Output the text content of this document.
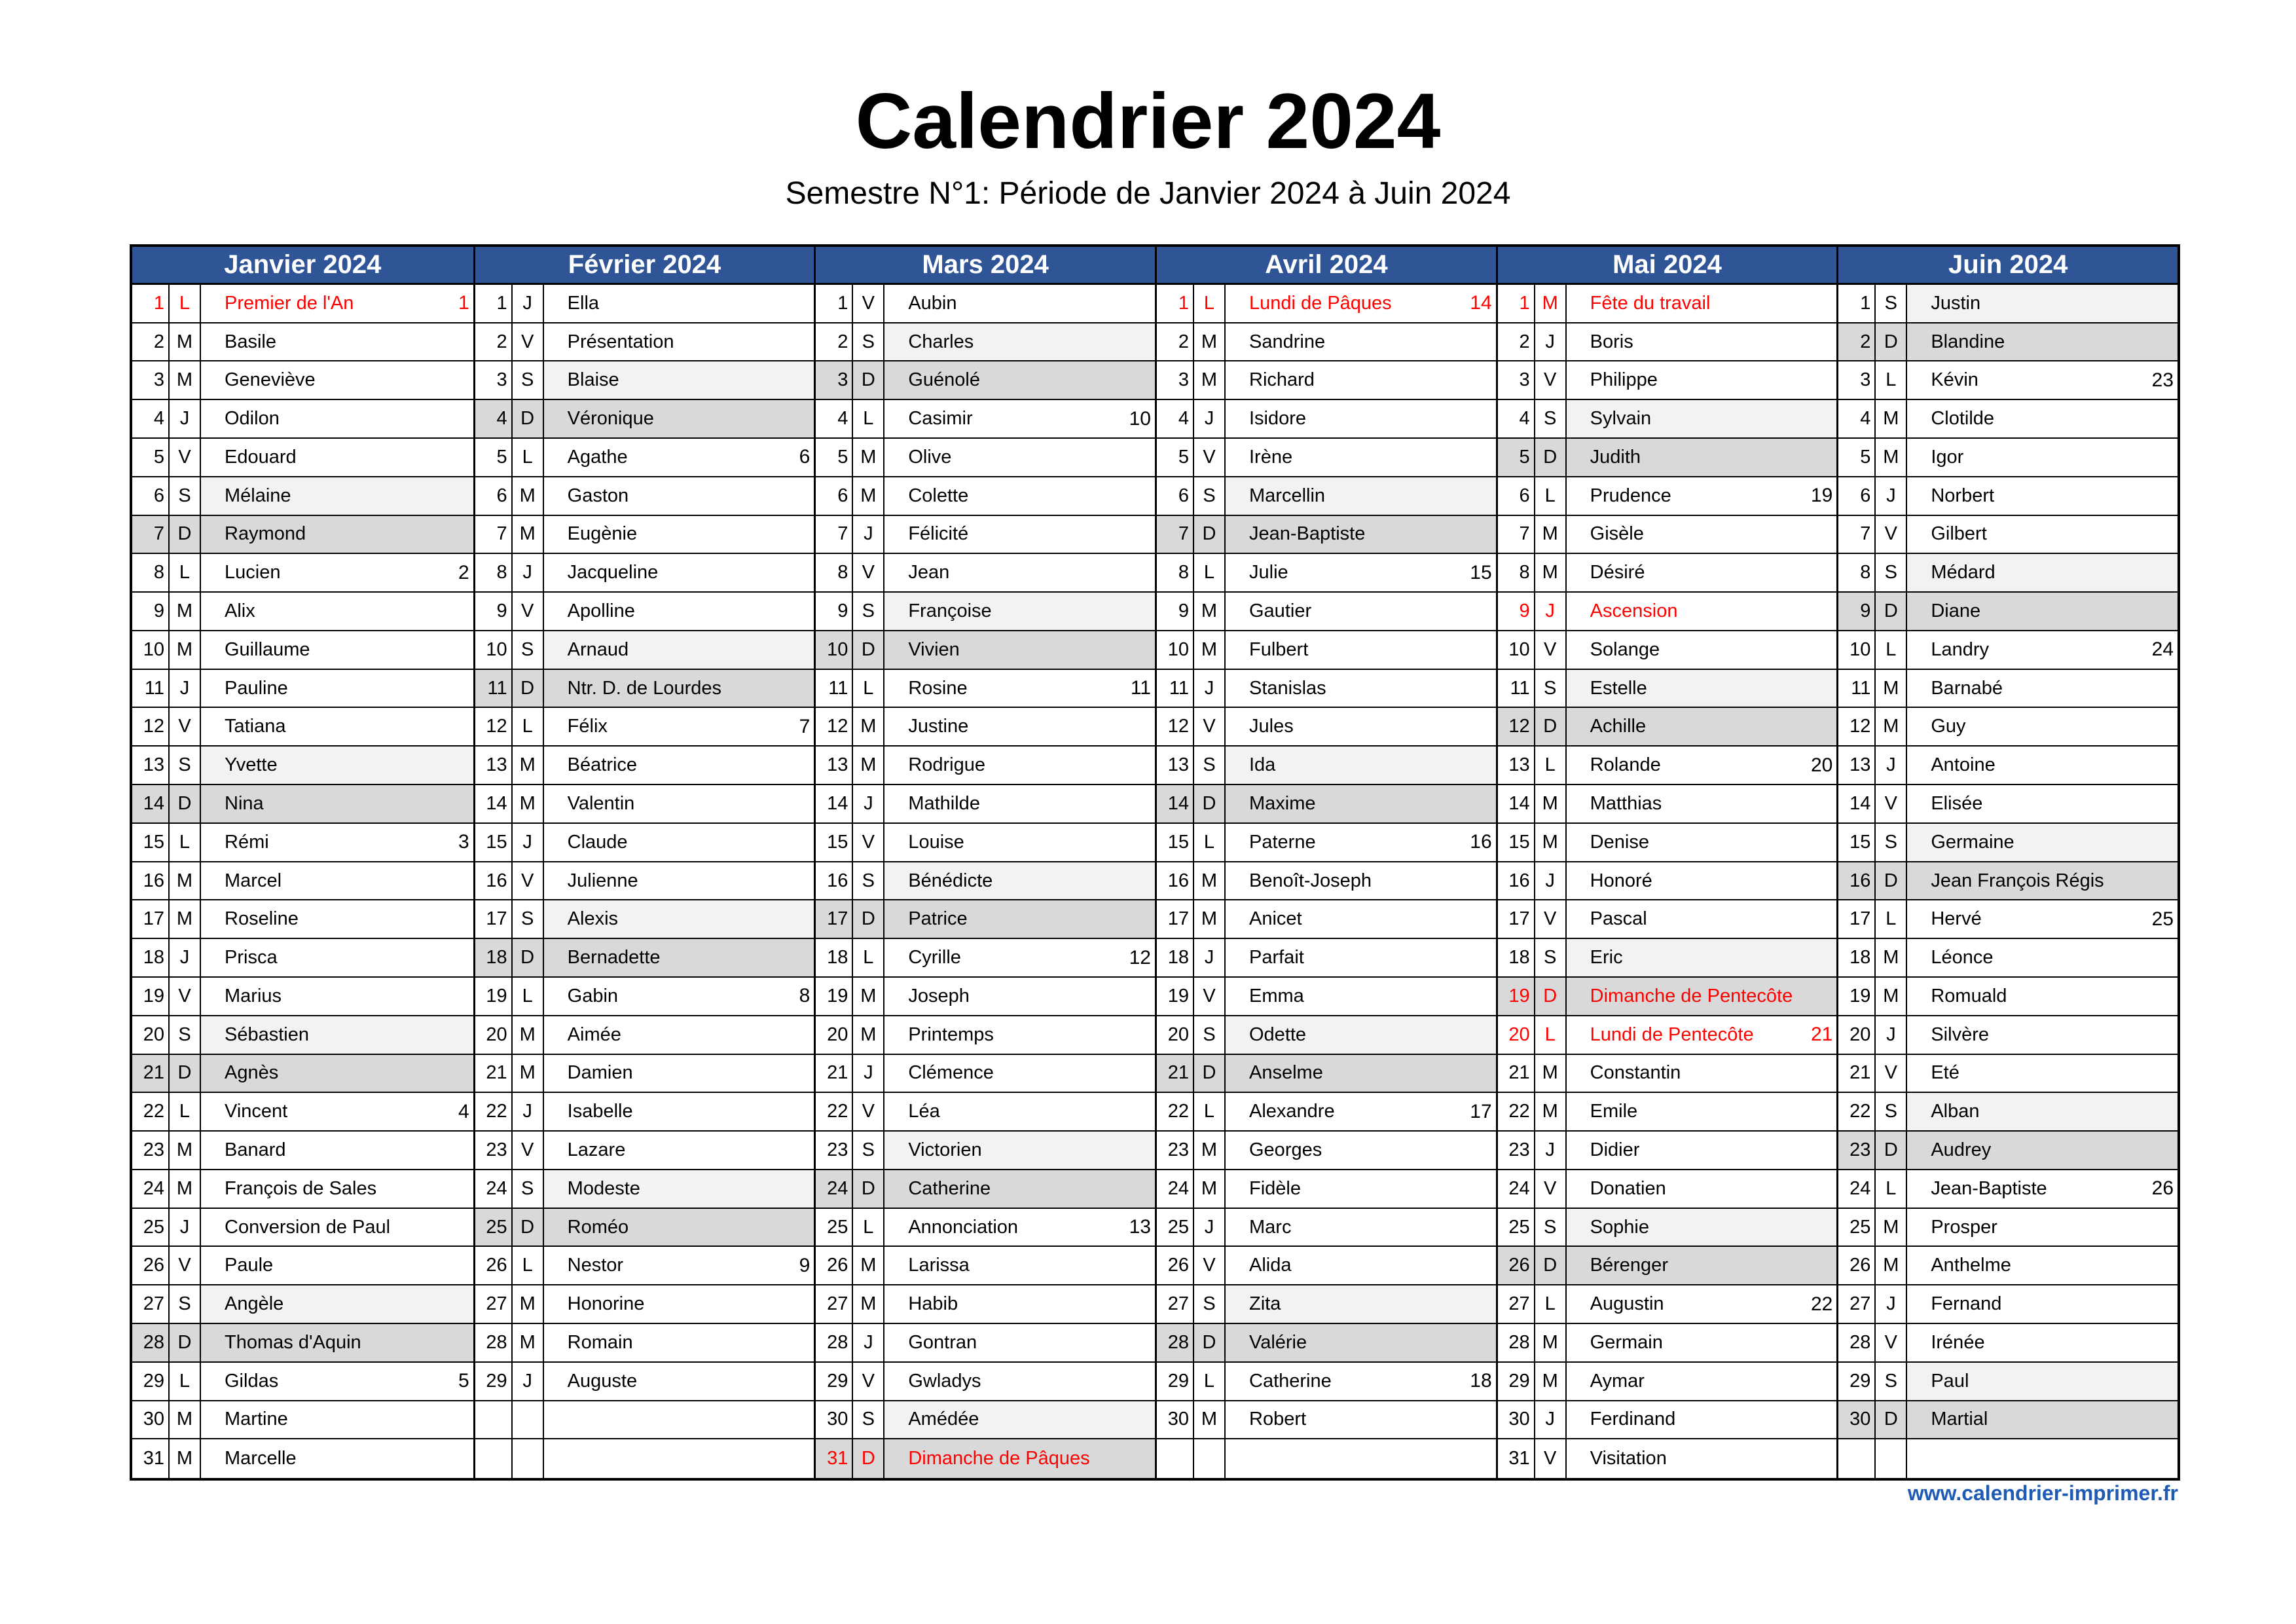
Calendrier 2024
Semestre N°1: Période de Janvier 2024 à Juin 2024
Janvier 2024
1 L	Premier de l'An	1
2 M	Basile
3 M	Geneviève
4 J	Odilon
5 V	Edouard
6 S	Mélaine
7 D	Raymond
8 L	Lucien	2
9 M	Alix
10 M	Guillaume
11 J	Pauline
12 V	Tatiana
13 S	Yvette
14 D	Nina
15 L	Rémi	3
16 M	Marcel
17 M	Roseline
18 J	Prisca
19 V	Marius
20 S	Sébastien
21 D	Agnès
22 L	Vincent	4
23 M	Banard
24 M	François de Sales
25 J	Conversion de Paul
26 V	Paule
27 S	Angèle
28 D	Thomas d'Aquin
29 L	Gildas	5
30 M	Martine
31 M	Marcelle
Février 2024
1 J	Ella
2 V	Présentation
3 S	Blaise
4 D	Véronique
5 L	Agathe	6
6 M	Gaston
7 M	Eugènie
8 J	Jacqueline
9 V	Apolline
10 S	Arnaud
11 D	Ntr. D. de Lourdes
12 L	Félix	7
13 M	Béatrice
14 M	Valentin
15 J	Claude
16 V	Julienne
17 S	Alexis
18 D	Bernadette
19 L	Gabin	8
20 M	Aimée
21 M	Damien
22 J	Isabelle
23 V	Lazare
24 S	Modeste
25 D	Roméo
26 L	Nestor	9
27 M	Honorine
28 M	Romain
29 J	Auguste
Mars 2024
1 V	Aubin
2 S	Charles
3 D	Guénolé
4 L	Casimir	10
5 M	Olive
6 M	Colette
7 J	Félicité
8 V	Jean
9 S	Françoise
10 D	Vivien
11 L	Rosine	11
12 M	Justine
13 M	Rodrigue
14 J	Mathilde
15 V	Louise
16 S	Bénédicte
17 D	Patrice
18 L	Cyrille	12
19 M	Joseph
20 M	Printemps
21 J	Clémence
22 V	Léa
23 S	Victorien
24 D	Catherine
25 L	Annonciation	13
26 M	Larissa
27 M	Habib
28 J	Gontran
29 V	Gwladys
30 S	Amédée
31 D	Dimanche de Pâques
Avril 2024
1 L	Lundi de Pâques	14
2 M	Sandrine
3 M	Richard
4 J	Isidore
5 V	Irène
6 S	Marcellin
7 D	Jean-Baptiste
8 L	Julie	15
9 M	Gautier
10 M	Fulbert
11 J	Stanislas
12 V	Jules
13 S	Ida
14 D	Maxime
15 L	Paterne	16
16 M	Benoît-Joseph
17 M	Anicet
18 J	Parfait
19 V	Emma
20 S	Odette
21 D	Anselme
22 L	Alexandre	17
23 M	Georges
24 M	Fidèle
25 J	Marc
26 V	Alida
27 S	Zita
28 D	Valérie
29 L	Catherine	18
30 M	Robert
Mai 2024
1 M	Fête du travail
2 J	Boris
3 V	Philippe
4 S	Sylvain
5 D	Judith
6 L	Prudence	19
7 M	Gisèle
8 M	Désiré
9 J	Ascension
10 V	Solange
11 S	Estelle
12 D	Achille
13 L	Rolande	20
14 M	Matthias
15 M	Denise
16 J	Honoré
17 V	Pascal
18 S	Eric
19 D	Dimanche de Pentecôte
20 L	Lundi de Pentecôte	21
21 M	Constantin
22 M	Emile
23 J	Didier
24 V	Donatien
25 S	Sophie
26 D	Bérenger
27 L	Augustin	22
28 M	Germain
29 M	Aymar
30 J	Ferdinand
31 V	Visitation
Juin 2024
1 S	Justin
2 D	Blandine
3 L	Kévin	23
4 M	Clotilde
5 M	Igor
6 J	Norbert
7 V	Gilbert
8 S	Médard
9 D	Diane
10 L	Landry	24
11 M	Barnabé
12 M	Guy
13 J	Antoine
14 V	Elisée
15 S	Germaine
16 D	Jean François Régis
17 L	Hervé	25
18 M	Léonce
19 M	Romuald
20 J	Silvère
21 V	Eté
22 S	Alban
23 D	Audrey
24 L	Jean-Baptiste	26
25 M	Prosper
26 M	Anthelme
27 J	Fernand
28 V	Irénée
29 S	Paul
30 D	Martial
www.calendrier-imprimer.fr
